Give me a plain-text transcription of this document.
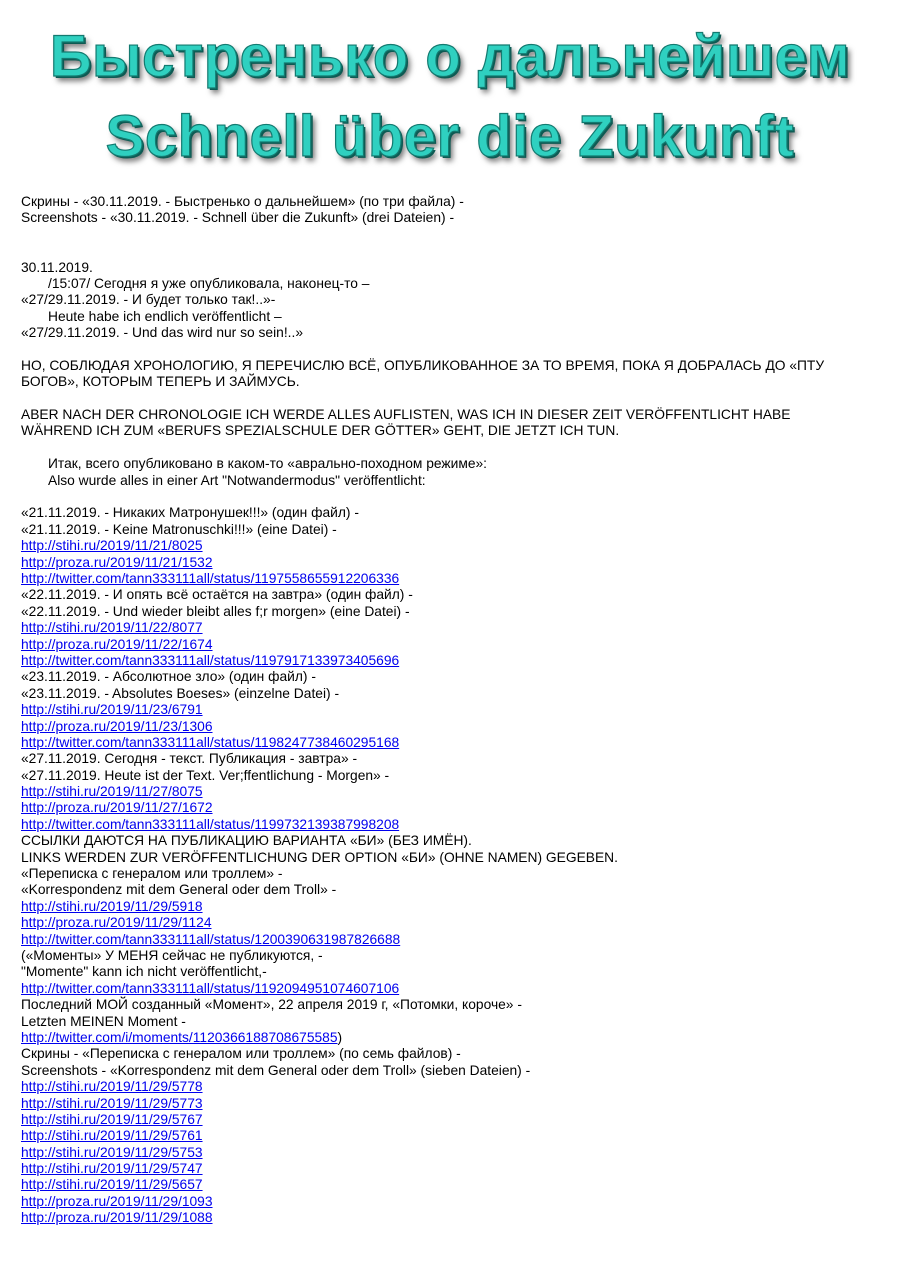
Быстренько о дальнейшем
Schnell über die Zukunft
Скрины - «30.11.2019. - Быстренько о дальнейшем» (по три файла) -
Screenshots - «30.11.2019. - Schnell über die Zukunft» (drei Dateien) -
30.11.2019.
/15:07/ Сегодня я уже опубликовала, наконец-то –
«27/29.11.2019. - И будет только так!..»-
Heute habe ich endlich veröffentlicht –
«27/29.11.2019. - Und das wird nur so sein!..»
НО, СОБЛЮДАЯ ХРОНОЛОГИЮ, Я ПЕРЕЧИСЛЮ ВСЁ, ОПУБЛИКОВАННОЕ ЗА ТО ВРЕМЯ, ПОКА Я ДОБРАЛАСЬ ДО «ПТУ
БОГОВ», КОТОРЫМ ТЕПЕРЬ И ЗАЙМУСЬ.
ABER NACH DER CHRONOLOGIE ICH WERDE ALLES AUFLISTEN, WAS ICH IN DIESER ZEIT VERÖFFENTLICHT HABE
WÄHREND ICH ZUM «BERUFS SPEZIALSCHULE DER GÖTTER» GEHT, DIE JETZT ICH TUN.
Итак, всего опубликовано в каком-то «аврально-походном режиме»:
Also wurde alles in einer Art "Notwandermodus" veröffentlicht:
«21.11.2019. - Никаких Матронушек!!!» (один файл) -
«21.11.2019. - Keine Matronuschki!!!» (eine Datei) -
http://stihi.ru/2019/11/21/8025
http://proza.ru/2019/11/21/1532
http://twitter.com/tann333111all/status/1197558655912206336
«22.11.2019. - И опять всё остаётся на завтра» (один файл) -
«22.11.2019. - Und wieder bleibt alles f;r morgen» (eine Datei) -
http://stihi.ru/2019/11/22/8077
http://proza.ru/2019/11/22/1674
http://twitter.com/tann333111all/status/1197917133973405696
«23.11.2019. - Абсолютное зло» (один файл) -
«23.11.2019. - Absolutes Boeses» (einzelne Datei) -
http://stihi.ru/2019/11/23/6791
http://proza.ru/2019/11/23/1306
http://twitter.com/tann333111all/status/1198247738460295168
«27.11.2019. Сегодня - текст. Публикация - завтра» -
«27.11.2019. Heute ist der Text. Ver;ffentlichung - Morgen» -
http://stihi.ru/2019/11/27/8075
http://proza.ru/2019/11/27/1672
http://twitter.com/tann333111all/status/1199732139387998208
ССЫЛКИ ДАЮТСЯ НА ПУБЛИКАЦИЮ ВАРИАНТА «БИ» (БЕЗ ИМЁН).
LINKS WERDEN ZUR VERÖFFENTLICHUNG DER OPTION «БИ» (OHNE NAMEN) GEGEBEN.
«Переписка с генералом или троллем» -
«Korrespondenz mit dem General oder dem Troll» -
http://stihi.ru/2019/11/29/5918
http://proza.ru/2019/11/29/1124
http://twitter.com/tann333111all/status/1200390631987826688
(«Моменты» У МЕНЯ сейчас не публикуются, -
"Momente" kann ich nicht veröffentlicht,-
http://twitter.com/tann333111all/status/1192094951074607106
Последний МОЙ созданный «Момент», 22 апреля 2019 г, «Потомки, короче» -
Letzten MEINEN Moment -
http://twitter.com/i/moments/1120366188708675585)
Скрины - «Переписка с генералом или троллем» (по семь файлов) -
Screenshots - «Korrespondenz mit dem General oder dem Troll» (sieben Dateien) -
http://stihi.ru/2019/11/29/5778
http://stihi.ru/2019/11/29/5773
http://stihi.ru/2019/11/29/5767
http://stihi.ru/2019/11/29/5761
http://stihi.ru/2019/11/29/5753
http://stihi.ru/2019/11/29/5747
http://stihi.ru/2019/11/29/5657
http://proza.ru/2019/11/29/1093
http://proza.ru/2019/11/29/1088
